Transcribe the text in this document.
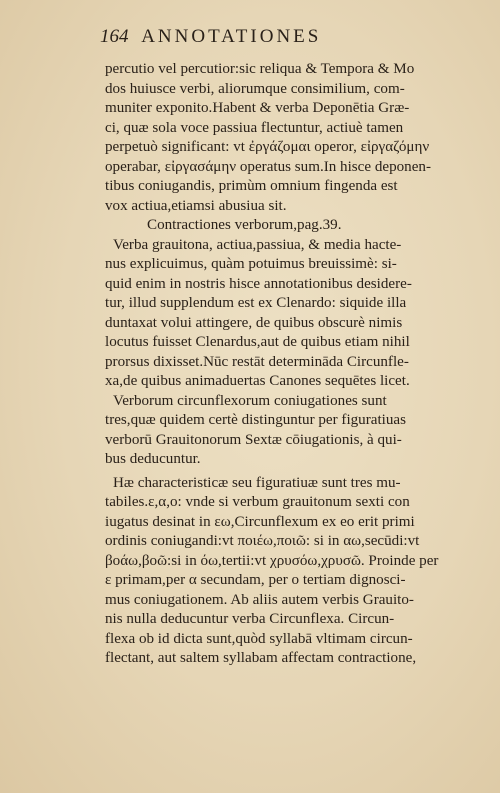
164 ANNOTATIONES
percutio vel percutior:sic reliqua & Tempora & Mo
dos huiusce verbi, aliorumque consimilium, com-
muniter exponito.Habent & verba Deponētia Græ-
ci, quæ sola voce passiua flectuntur, actiuè tamen
perpetuò significant: vt ἐργάζομαι operor, εἰργαζόμην
operabar, εἰργασάμην operatus sum.In hisce deponen-
tibus coniugandis, primùm omnium fingenda est
vox actiua,etiamsi abusiua sit.
Contractiones verborum,pag.39.
Verba grauitona, actiua,passiua, & media hacte-
nus explicuimus, quàm potuimus breuissimè: si-
quid enim in nostris hisce annotationibus desidere-
tur, illud supplendum est ex Clenardo: siquide illa
duntaxat volui attingere, de quibus obscurè nimis
locutus fuisset Clenardus,aut de quibus etiam nihil
prorsus dixisset.Nūc restāt determināda Circunfle-
xa,de quibus animaduertas Canones sequētes licet.
Verborum circunflexorum coniugationes sunt
tres,quæ quidem certè distinguntur per figuratiuas
verborū Grauitonorum Sextæ cōiugationis, à qui-
bus deducuntur.
Hæ characteristicæ seu figuratiuæ sunt tres mu-
tabiles.ε,α,ο: vnde si verbum grauitonum sexti con
iugatus desinat in εω,Circunflexum ex eo erit primi
ordinis coniugandi:vt ποιέω,ποιῶ: si in αω,secūdi:vt
βοάω,βοῶ:si in όω,tertii:vt χρυσόω,χρυσῶ. Proinde per
ε primam,per α secundam, per ο tertiam dignosci-
mus coniugationem. Ab aliis autem verbis Grauito-
nis nulla deducuntur verba Circunflexa. Circun-
flexa ob id dicta sunt,quòd syllabā vltimam circun-
flectant, aut saltem syllabam affectam contractione,
